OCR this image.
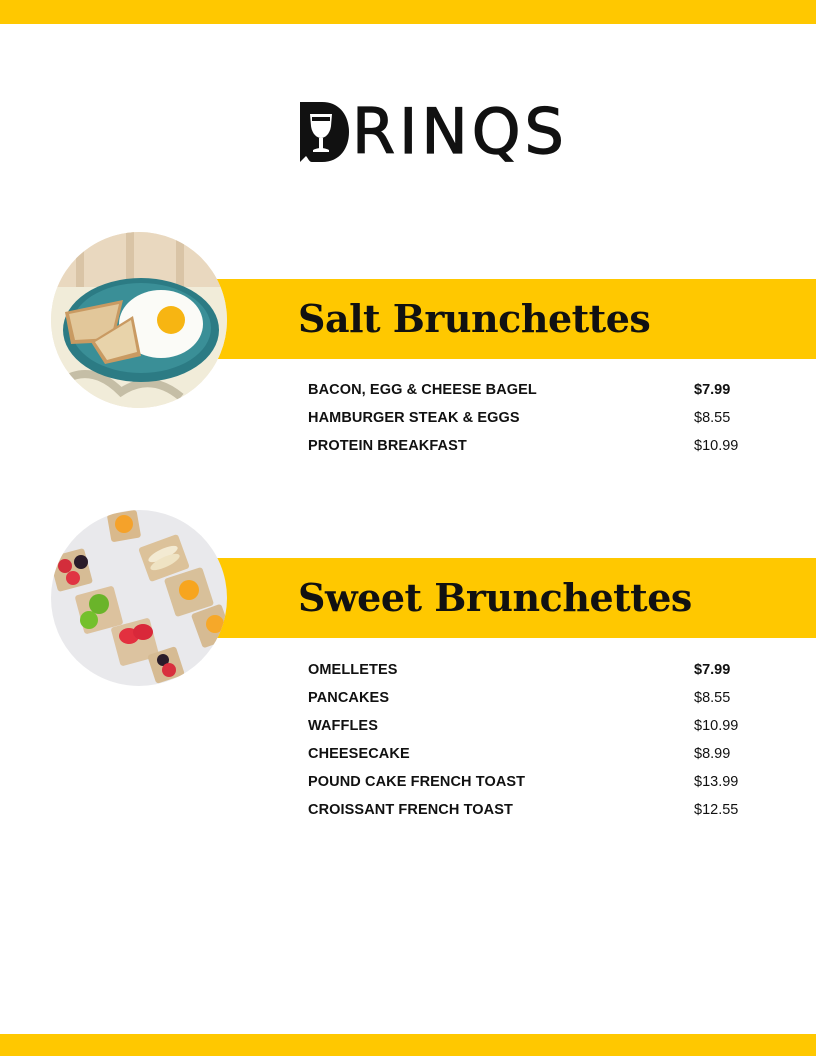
RINQS
Salt Brunchettes
BACON, EGG & CHEESE BAGEL	$7.99
HAMBURGER STEAK & EGGS	$8.55
PROTEIN BREAKFAST	$10.99
Sweet Brunchettes
OMELLETES	$7.99
PANCAKES	$8.55
WAFFLES	$10.99
CHEESECAKE	$8.99
POUND CAKE FRENCH TOAST	$13.99
CROISSANT FRENCH TOAST	$12.55
